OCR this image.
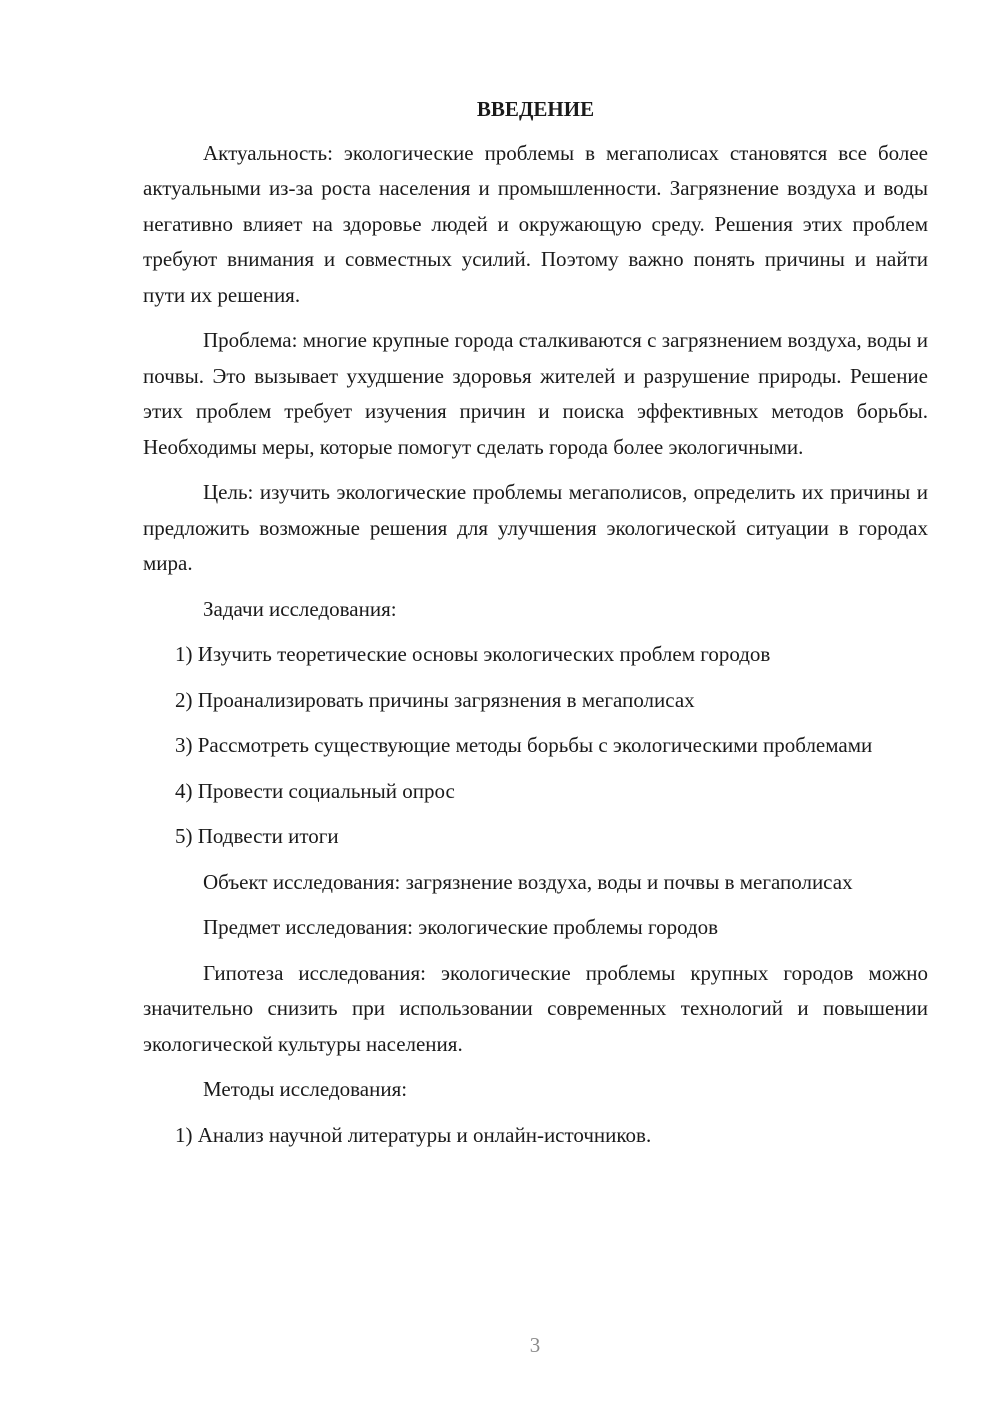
ВВЕДЕНИЕ

Актуальность: экологические проблемы в мегаполисах становятся все более актуальными из-за роста населения и промышленности. Загрязнение воздуха и воды негативно влияет на здоровье людей и окружающую среду. Решения этих проблем требуют внимания и совместных усилий. Поэтому важно понять причины и найти пути их решения.

Проблема: многие крупные города сталкиваются с загрязнением воздуха, воды и почвы. Это вызывает ухудшение здоровья жителей и разрушение природы. Решение этих проблем требует изучения причин и поиска эффективных методов борьбы. Необходимы меры, которые помогут сделать города более экологичными.

Цель: изучить экологические проблемы мегаполисов, определить их причины и предложить возможные решения для улучшения экологической ситуации в городах мира.

Задачи исследования:

1) Изучить теоретические основы экологических проблем городов

2) Проанализировать причины загрязнения в мегаполисах

3) Рассмотреть существующие методы борьбы с экологическими проблемами

4) Провести социальный опрос

5) Подвести итоги

Объект исследования: загрязнение воздуха, воды и почвы в мегаполисах

Предмет исследования: экологические проблемы городов

Гипотеза исследования: экологические проблемы крупных городов можно значительно снизить при использовании современных технологий и повышении экологической культуры населения.

Методы исследования:

1) Анализ научной литературы и онлайн-источников.

3
